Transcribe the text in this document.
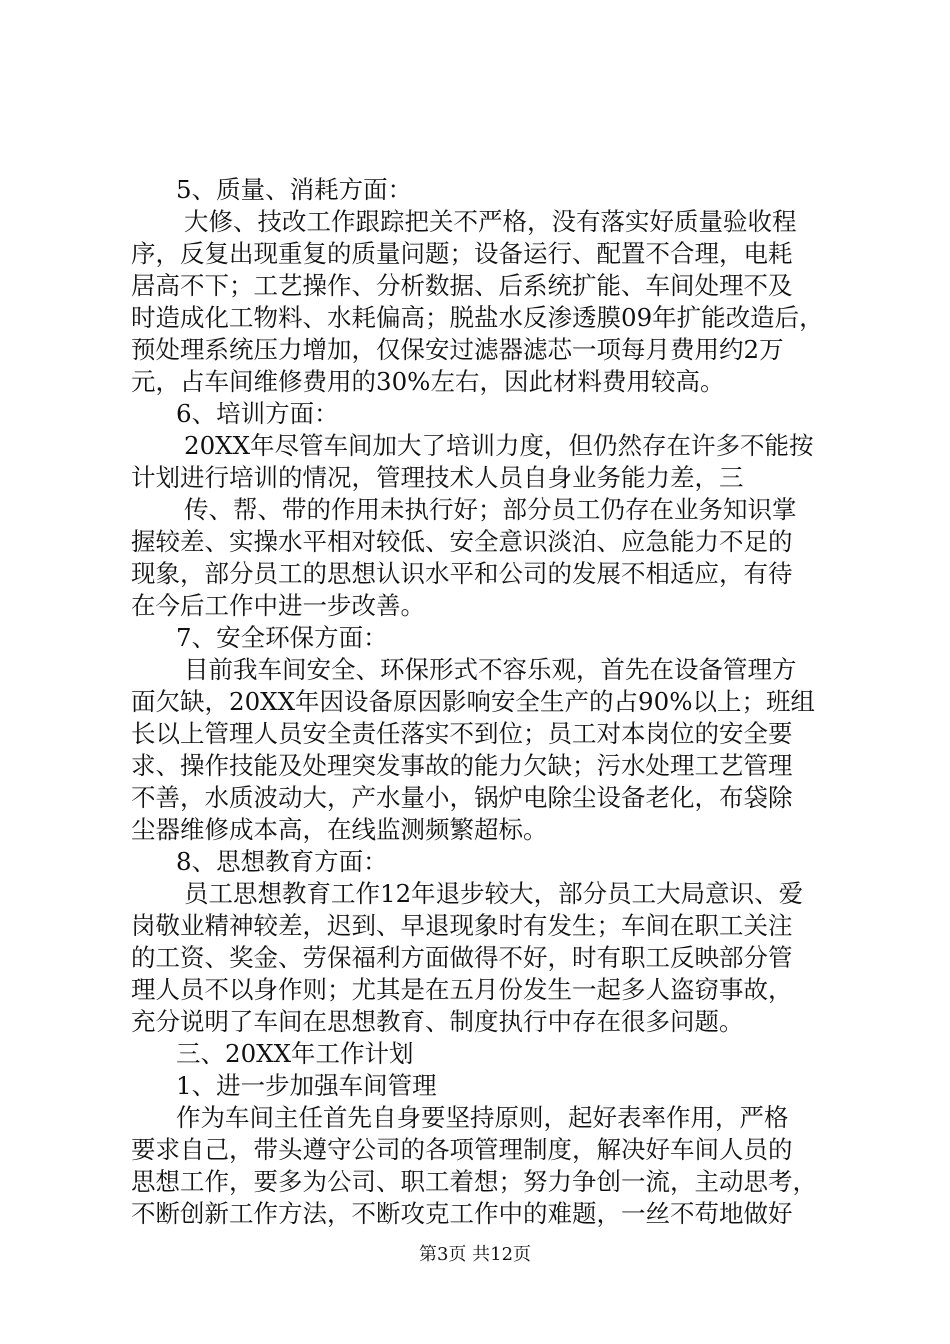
5、质量、消耗方面：
大修、技改工作跟踪把关不严格，没有落实好质量验收程
序，反复出现重复的质量问题；设备运行、配置不合理，电耗
居高不下；工艺操作、分析数据、后系统扩能、车间处理不及
时造成化工物料、水耗偏高；脱盐水反渗透膜09年扩能改造后，
预处理系统压力增加，仅保安过滤器滤芯一项每月费用约2万
元，占车间维修费用的30%左右，因此材料费用较高。
6、培训方面：
20XX年尽管车间加大了培训力度，但仍然存在许多不能按
计划进行培训的情况，管理技术人员自身业务能力差，三
传、帮、带的作用未执行好；部分员工仍存在业务知识掌
握较差、实操水平相对较低、安全意识淡泊、应急能力不足的
现象，部分员工的思想认识水平和公司的发展不相适应，有待
在今后工作中进一步改善。
7、安全环保方面：
目前我车间安全、环保形式不容乐观，首先在设备管理方
面欠缺，20XX年因设备原因影响安全生产的占90%以上；班组
长以上管理人员安全责任落实不到位；员工对本岗位的安全要
求、操作技能及处理突发事故的能力欠缺；污水处理工艺管理
不善，水质波动大，产水量小，锅炉电除尘设备老化，布袋除
尘器维修成本高，在线监测频繁超标。
8、思想教育方面：
员工思想教育工作12年退步较大，部分员工大局意识、爱
岗敬业精神较差，迟到、早退现象时有发生；车间在职工关注
的工资、奖金、劳保福利方面做得不好，时有职工反映部分管
理人员不以身作则；尤其是在五月份发生一起多人盗窃事故，
充分说明了车间在思想教育、制度执行中存在很多问题。
三、20XX年工作计划
1、进一步加强车间管理
作为车间主任首先自身要坚持原则，起好表率作用，严格
要求自己，带头遵守公司的各项管理制度，解决好车间人员的
思想工作，要多为公司、职工着想；努力争创一流，主动思考，
不断创新工作方法，不断攻克工作中的难题，一丝不苟地做好
第3页 共12页
